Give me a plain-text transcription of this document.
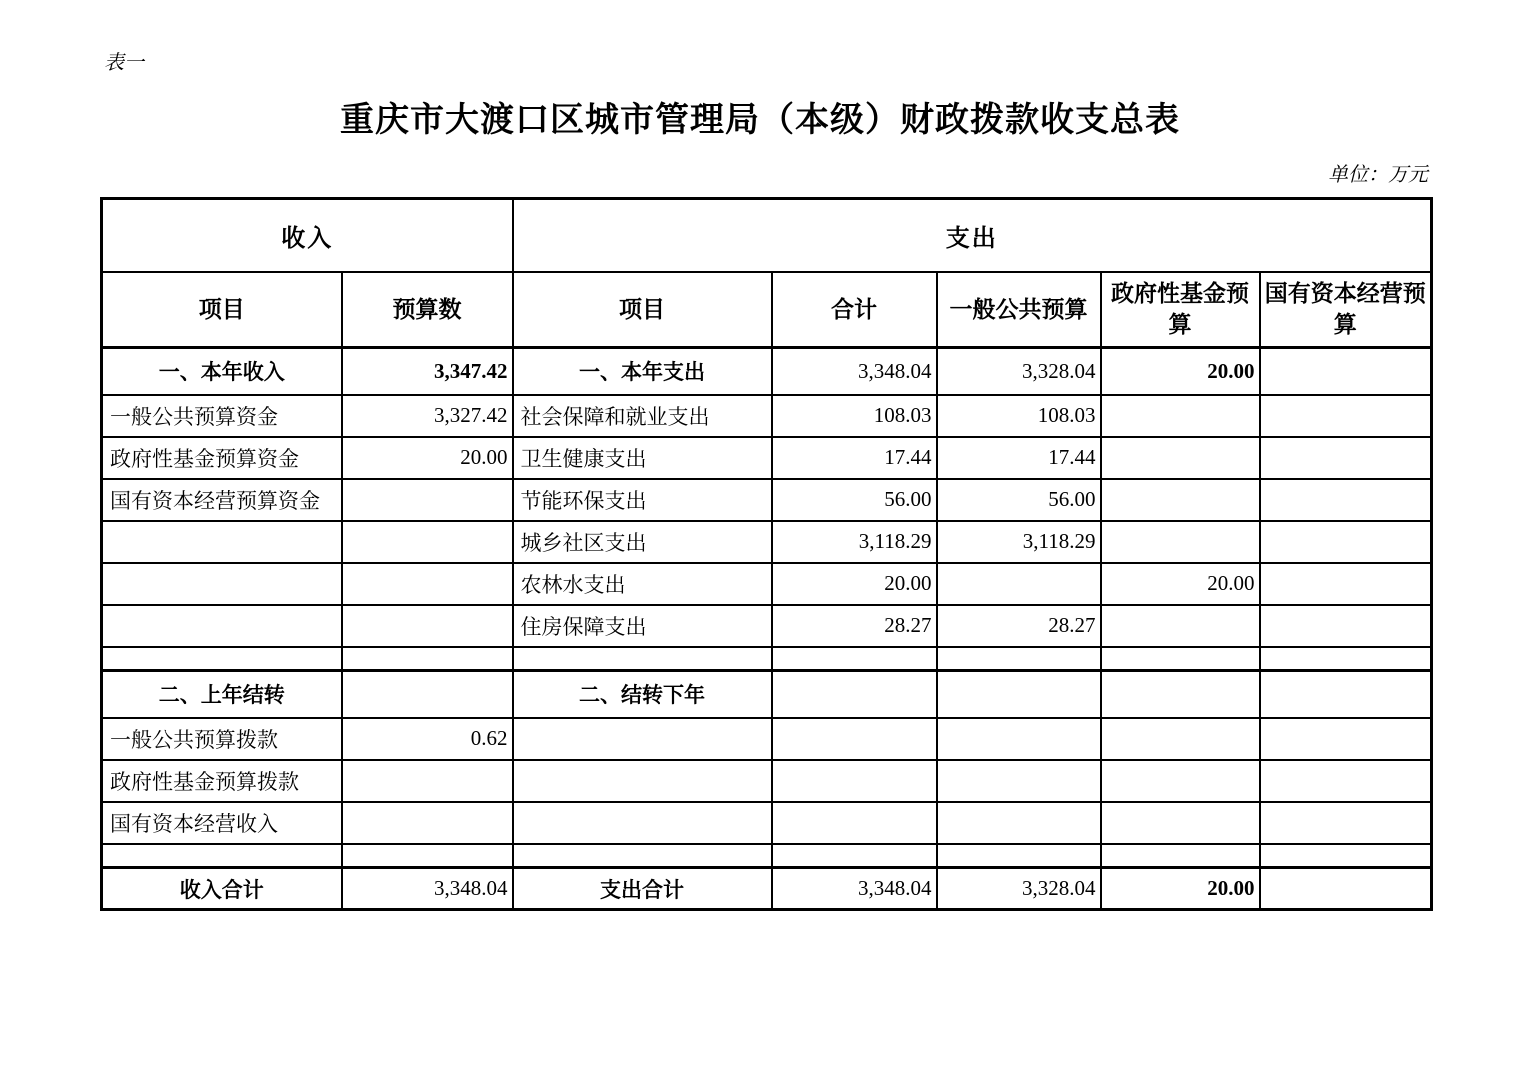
表一
重庆市大渡口区城市管理局（本级）财政拨款收支总表
单位：万元
收入		支出				
项目	预算数	项目	合计	一般公共预算	政府性基金预算	国有资本经营预算
一、本年收入	3,347.42	一、本年支出	3,348.04	3,328.04	20.00	
一般公共预算资金	3,327.42	社会保障和就业支出	108.03	108.03		
政府性基金预算资金	20.00	卫生健康支出	17.44	17.44		
国有资本经营预算资金		节能环保支出	56.00	56.00		
		城乡社区支出	3,118.29	3,118.29		
		农林水支出	20.00		20.00	
		住房保障支出	28.27	28.27		

二、上年结转		二、结转下年				
一般公共预算拨款	0.62					
政府性基金预算拨款						
国有资本经营收入						

收入合计	3,348.04	支出合计	3,348.04	3,328.04	20.00	
